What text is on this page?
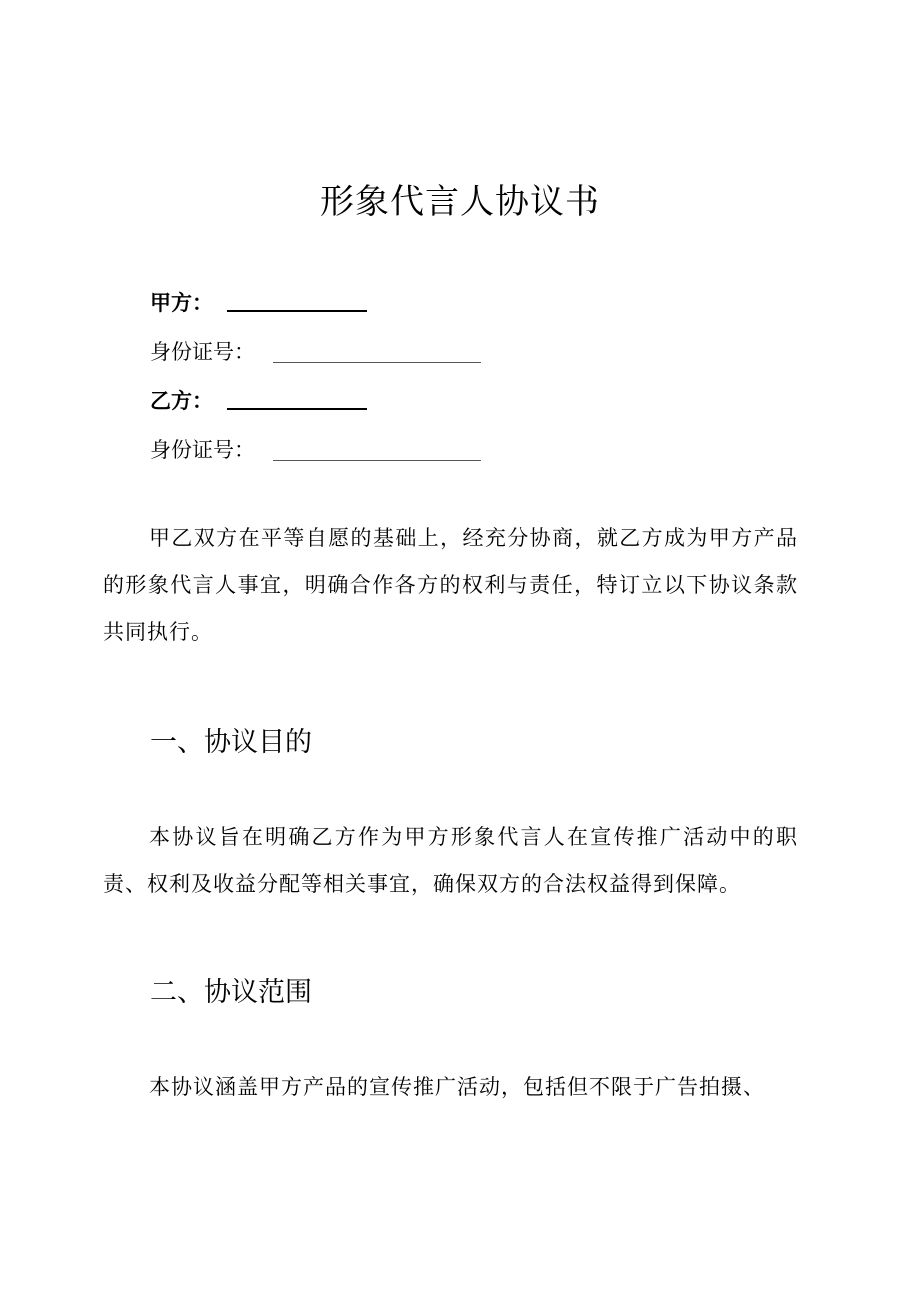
形象代言人协议书
甲方：
身份证号：
乙方：
身份证号：

甲乙双方在平等自愿的基础上，经充分协商，就乙方成为甲方产品的形象代言人事宜，明确合作各方的权利与责任，特订立以下协议条款共同执行。

一、协议目的

本协议旨在明确乙方作为甲方形象代言人在宣传推广活动中的职责、权利及收益分配等相关事宜，确保双方的合法权益得到保障。

二、协议范围

本协议涵盖甲方产品的宣传推广活动，包括但不限于广告拍摄、
